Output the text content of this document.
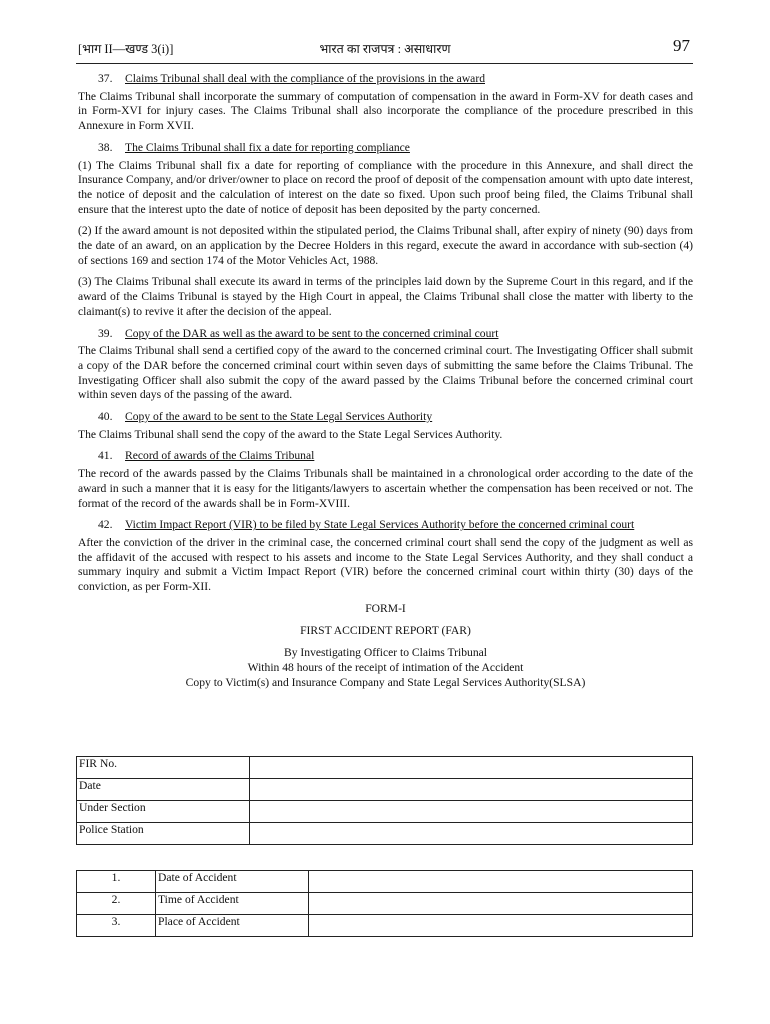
[भाग II—खण्ड 3(i)]	भारत का राजपत्र : असाधारण	97
37. Claims Tribunal shall deal with the compliance of the provisions in the award

The Claims Tribunal shall incorporate the summary of computation of compensation in the award in Form-XV for death cases and in Form-XVI for injury cases. The Claims Tribunal shall also incorporate the compliance of the procedure prescribed in this Annexure in Form XVII.

38. The Claims Tribunal shall fix a date for reporting compliance

(1) The Claims Tribunal shall fix a date for reporting of compliance with the procedure in this Annexure, and shall direct the Insurance Company, and/or driver/owner to place on record the proof of deposit of the compensation amount with upto date interest, the notice of deposit and the calculation of interest on the date so fixed. Upon such proof being filed, the Claims Tribunal shall ensure that the interest upto the date of notice of deposit has been deposited by the party concerned.

(2) If the award amount is not deposited within the stipulated period, the Claims Tribunal shall, after expiry of ninety (90) days from the date of an award, on an application by the Decree Holders in this regard, execute the award in accordance with sub-section (4) of sections 169 and section 174 of the Motor Vehicles Act, 1988.

(3) The Claims Tribunal shall execute its award in terms of the principles laid down by the Supreme Court in this regard, and if the award of the Claims Tribunal is stayed by the High Court in appeal, the Claims Tribunal shall close the matter with liberty to the claimant(s) to revive it after the decision of the appeal.

39. Copy of the DAR as well as the award to be sent to the concerned criminal court

The Claims Tribunal shall send a certified copy of the award to the concerned criminal court. The Investigating Officer shall submit a copy of the DAR before the concerned criminal court within seven days of submitting the same before the Claims Tribunal. The Investigating Officer shall also submit the copy of the award passed by the Claims Tribunal before the concerned criminal court within seven days of the passing of the award.

40. Copy of the award to be sent to the State Legal Services Authority

The Claims Tribunal shall send the copy of the award to the State Legal Services Authority.

41. Record of awards of the Claims Tribunal

The record of the awards passed by the Claims Tribunals shall be maintained in a chronological order according to the date of the award in such a manner that it is easy for the litigants/lawyers to ascertain whether the compensation has been received or not. The format of the record of the awards shall be in Form-XVIII.

42.	Victim Impact Report (VIR) to be filed by State Legal Services Authority before the concerned criminal court

After the conviction of the driver in the criminal case, the concerned criminal court shall send the copy of the judgment as well as the affidavit of the accused with respect to his assets and income to the State Legal Services Authority, and they shall conduct a summary inquiry and submit a Victim Impact Report (VIR) before the concerned criminal court within thirty (30) days of the conviction, as per Form-XII.

FORM-I

FIRST ACCIDENT REPORT (FAR)

By Investigating Officer to Claims Tribunal

Within 48 hours of the receipt of intimation of the Accident

Copy to Victim(s) and Insurance Company and State Legal Services Authority(SLSA)

FIR No.	
Date	
Under Section	
Police Station	
1.	Date of Accident	
2.	Time of Accident	
3.	Place of Accident	
